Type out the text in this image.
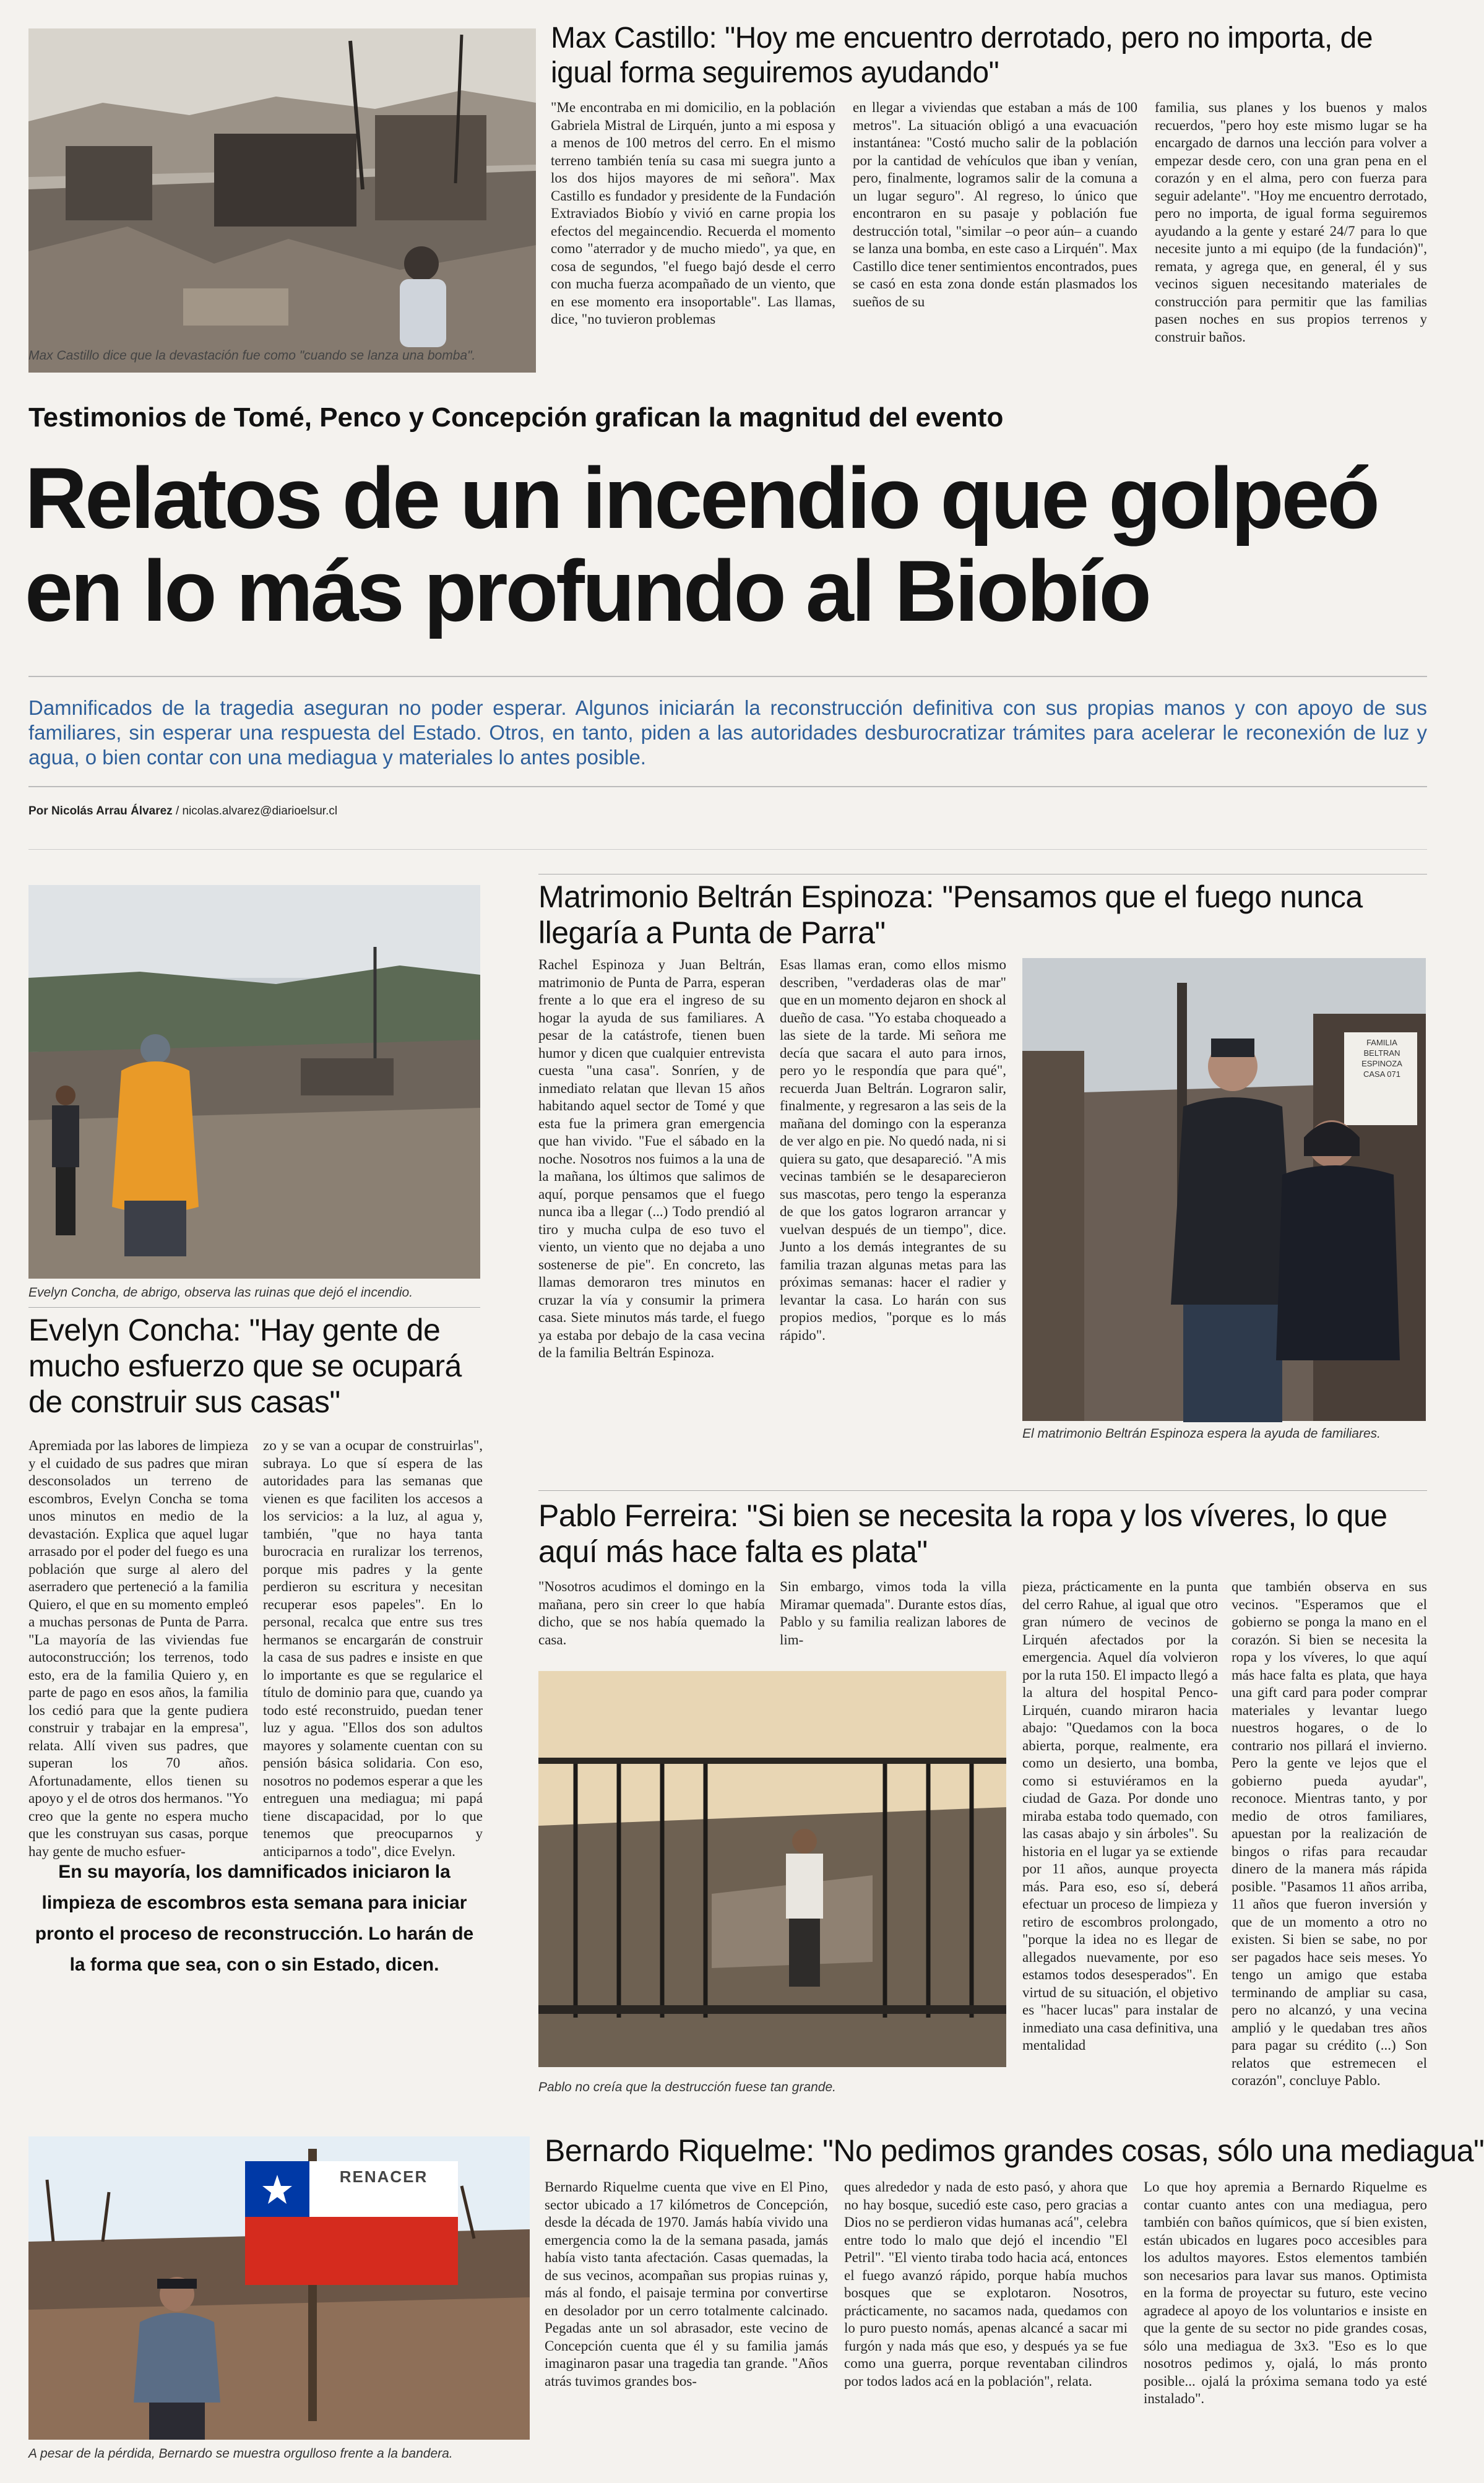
Max Castillo dice que la devastación fue como "cuando se lanza una bomba".
Max Castillo: "Hoy me encuentro derrotado, pero no importa, de igual forma seguiremos ayudando"
"Me encontraba en mi domicilio, en la población Gabriela Mistral de Lirquén, junto a mi esposa y a menos de 100 metros del cerro. En el mismo terreno también tenía su casa mi suegra junto a los dos hijos mayores de mi señora". Max Castillo es fundador y presidente de la Fundación Extraviados Biobío y vivió en carne propia los efectos del megaincendio. Recuerda el momento como "aterrador y de mucho miedo", ya que, en cosa de segundos, "el fuego bajó desde el cerro con mucha fuerza acompañado de un viento, que en ese momento era insoportable". Las llamas, dice, "no tuvieron problemas
en llegar a viviendas que estaban a más de 100 metros". La situación obligó a una evacuación instantánea: "Costó mucho salir de la población por la cantidad de vehículos que iban y venían, pero, finalmente, logramos salir de la comuna a un lugar seguro". Al regreso, lo único que encontraron en su pasaje y población fue destrucción total, "similar –o peor aún– a cuando se lanza una bomba, en este caso a Lirquén". Max Castillo dice tener sentimientos encontrados, pues se casó en esta zona donde están plasmados los sueños de su
familia, sus planes y los buenos y malos recuerdos, "pero hoy este mismo lugar se ha encargado de darnos una lección para volver a empezar desde cero, con una gran pena en el corazón y en el alma, pero con fuerza para seguir adelante". "Hoy me encuentro derrotado, pero no importa, de igual forma seguiremos ayudando a la gente y estaré 24/7 para lo que necesite junto a mi equipo (de la fundación)", remata, y agrega que, en general, él y sus vecinos siguen necesitando materiales de construcción para permitir que las familias pasen noches en sus propios terrenos y construir baños.
Testimonios de Tomé, Penco y Concepción grafican la magnitud del evento
Relatos de un incendio que golpeó
en lo más profundo al Biobío
Damnificados de la tragedia aseguran no poder esperar. Algunos iniciarán la reconstrucción definitiva con sus propias manos y con apoyo de sus familiares, sin esperar una respuesta del Estado. Otros, en tanto, piden a las autoridades desburocratizar trámites para acelerar le reconexión de luz y agua, o bien contar con una mediagua y materiales lo antes posible.
Por Nicolás Arrau Álvarez / nicolas.alvarez@diarioelsur.cl
Evelyn Concha, de abrigo, observa las ruinas que dejó el incendio.
Evelyn Concha: "Hay gente de mucho esfuerzo que se ocupará de construir sus casas"
Apremiada por las labores de limpieza y el cuidado de sus padres que miran desconsolados un terreno de escombros, Evelyn Concha se toma unos minutos en medio de la devastación. Explica que aquel lugar arrasado por el poder del fuego es una población que surge al alero del aserradero que perteneció a la familia Quiero, el que en su momento empleó a muchas personas de Punta de Parra. "La mayoría de las viviendas fue autoconstrucción; los terrenos, todo esto, era de la familia Quiero y, en parte de pago en esos años, la familia los cedió para que la gente pudiera construir y trabajar en la empresa", relata. Allí viven sus padres, que superan los 70 años. Afortunadamente, ellos tienen su apoyo y el de otros dos hermanos. "Yo creo que la gente no espera mucho que les construyan sus casas, porque hay gente de mucho esfuer-
zo y se van a ocupar de construirlas", subraya. Lo que sí espera de las autoridades para las semanas que vienen es que faciliten los accesos a los servicios: a la luz, al agua y, también, "que no haya tanta burocracia en ruralizar los terrenos, porque mis padres y la gente perdieron su escritura y necesitan recuperar esos papeles". En lo personal, recalca que entre sus tres hermanos se encargarán de construir la casa de sus padres e insiste en que lo importante es que se regularice el título de dominio para que, cuando ya todo esté reconstruido, puedan tener luz y agua. "Ellos dos son adultos mayores y solamente cuentan con su pensión básica solidaria. Con eso, nosotros no podemos esperar a que les entreguen una mediagua; mi papá tiene discapacidad, por lo que tenemos que preocuparnos y anticiparnos a todo", dice Evelyn.
En su mayoría, los damnificados iniciaron la limpieza de escombros esta semana para iniciar pronto el proceso de reconstrucción. Lo harán de la forma que sea, con o sin Estado, dicen.
Matrimonio Beltrán Espinoza: "Pensamos que el fuego nunca llegaría a Punta de Parra"
Rachel Espinoza y Juan Beltrán, matrimonio de Punta de Parra, esperan frente a lo que era el ingreso de su hogar la ayuda de sus familiares. A pesar de la catástrofe, tienen buen humor y dicen que cualquier entrevista cuesta "una casa". Sonríen, y de inmediato relatan que llevan 15 años habitando aquel sector de Tomé y que esta fue la primera gran emergencia que han vivido. "Fue el sábado en la noche. Nosotros nos fuimos a la una de la mañana, los últimos que salimos de aquí, porque pensamos que el fuego nunca iba a llegar (...) Todo prendió al tiro y mucha culpa de eso tuvo el viento, un viento que no dejaba a uno sostenerse de pie". En concreto, las llamas demoraron tres minutos en cruzar la vía y consumir la primera casa. Siete minutos más tarde, el fuego ya estaba por debajo de la casa vecina de la familia Beltrán Espinoza.
Esas llamas eran, como ellos mismo describen, "verdaderas olas de mar" que en un momento dejaron en shock al dueño de casa. "Yo estaba choqueado a las siete de la tarde. Mi señora me decía que sacara el auto para irnos, pero yo le respondía que para qué", recuerda Juan Beltrán. Lograron salir, finalmente, y regresaron a las seis de la mañana del domingo con la esperanza de ver algo en pie. No quedó nada, ni si quiera su gato, que desapareció. "A mis vecinas también se le desaparecieron sus mascotas, pero tengo la esperanza de que los gatos lograron arrancar y vuelvan después de un tiempo", dice. Junto a los demás integrantes de su familia trazan algunas metas para las próximas semanas: hacer el radier y levantar la casa. Lo harán con sus propios medios, "porque es lo más rápido".
FAMILIA
BELTRAN ESPINOZA
CASA 071
El matrimonio Beltrán Espinoza espera la ayuda de familiares.
Pablo Ferreira: "Si bien se necesita la ropa y los víveres, lo que aquí más hace falta es plata"
"Nosotros acudimos el domingo en la mañana, pero sin creer lo que había dicho, que se nos había quemado la casa.
Sin embargo, vimos toda la villa Miramar quemada". Durante estos días, Pablo y su familia realizan labores de lim-
Pablo no creía que la destrucción fuese tan grande.
pieza, prácticamente en la punta del cerro Rahue, al igual que otro gran número de vecinos de Lirquén afectados por la emergencia. Aquel día volvieron por la ruta 150. El impacto llegó a la altura del hospital Penco-Lirquén, cuando miraron hacia abajo: "Quedamos con la boca abierta, porque, realmente, era como un desierto, una bomba, como si estuviéramos en la ciudad de Gaza. Por donde uno miraba estaba todo quemado, con las casas abajo y sin árboles". Su historia en el lugar ya se extiende por 11 años, aunque proyecta más. Para eso, eso sí, deberá efectuar un proceso de limpieza y retiro de escombros prolongado, "porque la idea no es llegar de allegados nuevamente, por eso estamos todos desesperados". En virtud de su situación, el objetivo es "hacer lucas" para instalar de inmediato una casa definitiva, una mentalidad
que también observa en sus vecinos. "Esperamos que el gobierno se ponga la mano en el corazón. Si bien se necesita la ropa y los víveres, lo que aquí más hace falta es plata, que haya una gift card para poder comprar materiales y levantar luego nuestros hogares, o de lo contrario nos pillará el invierno. Pero la gente ve lejos que el gobierno pueda ayudar", reconoce. Mientras tanto, y por medio de otros familiares, apuestan por la realización de bingos o rifas para recaudar dinero de la manera más rápida posible. "Pasamos 11 años arriba, 11 años que fueron inversión y que de un momento a otro no existen. Si bien se sabe, no por ser pagados hace seis meses. Yo tengo un amigo que estaba terminando de ampliar su casa, pero no alcanzó, y una vecina amplió y le quedaban tres años para pagar su crédito (...) Son relatos que estremecen el corazón", concluye Pablo.
RENACER
A pesar de la pérdida, Bernardo se muestra orgulloso frente a la bandera.
Bernardo Riquelme: "No pedimos grandes cosas, sólo una mediagua"
Bernardo Riquelme cuenta que vive en El Pino, sector ubicado a 17 kilómetros de Concepción, desde la década de 1970. Jamás había vivido una emergencia como la de la semana pasada, jamás había visto tanta afectación. Casas quemadas, la de sus vecinos, acompañan sus propias ruinas y, más al fondo, el paisaje termina por convertirse en desolador por un cerro totalmente calcinado. Pegadas ante un sol abrasador, este vecino de Concepción cuenta que él y su familia jamás imaginaron pasar una tragedia tan grande. "Años atrás tuvimos grandes bos-
ques alrededor y nada de esto pasó, y ahora que no hay bosque, sucedió este caso, pero gracias a Dios no se perdieron vidas humanas acá", celebra entre todo lo malo que dejó el incendio "El Petril". "El viento tiraba todo hacia acá, entonces el fuego avanzó rápido, porque había muchos bosques que se explotaron. Nosotros, prácticamente, no sacamos nada, quedamos con lo puro puesto nomás, apenas alcancé a sacar mi furgón y nada más que eso, y después ya se fue como una guerra, porque reventaban cilindros por todos lados acá en la población", relata.
Lo que hoy apremia a Bernardo Riquelme es contar cuanto antes con una mediagua, pero también con baños químicos, que sí bien existen, están ubicados en lugares poco accesibles para los adultos mayores. Estos elementos también son necesarios para lavar sus manos. Optimista en la forma de proyectar su futuro, este vecino agradece al apoyo de los voluntarios e insiste en que la gente de su sector no pide grandes cosas, sólo una mediagua de 3x3. "Eso es lo que nosotros pedimos y, ojalá, lo más pronto posible... ojalá la próxima semana todo ya esté instalado".
